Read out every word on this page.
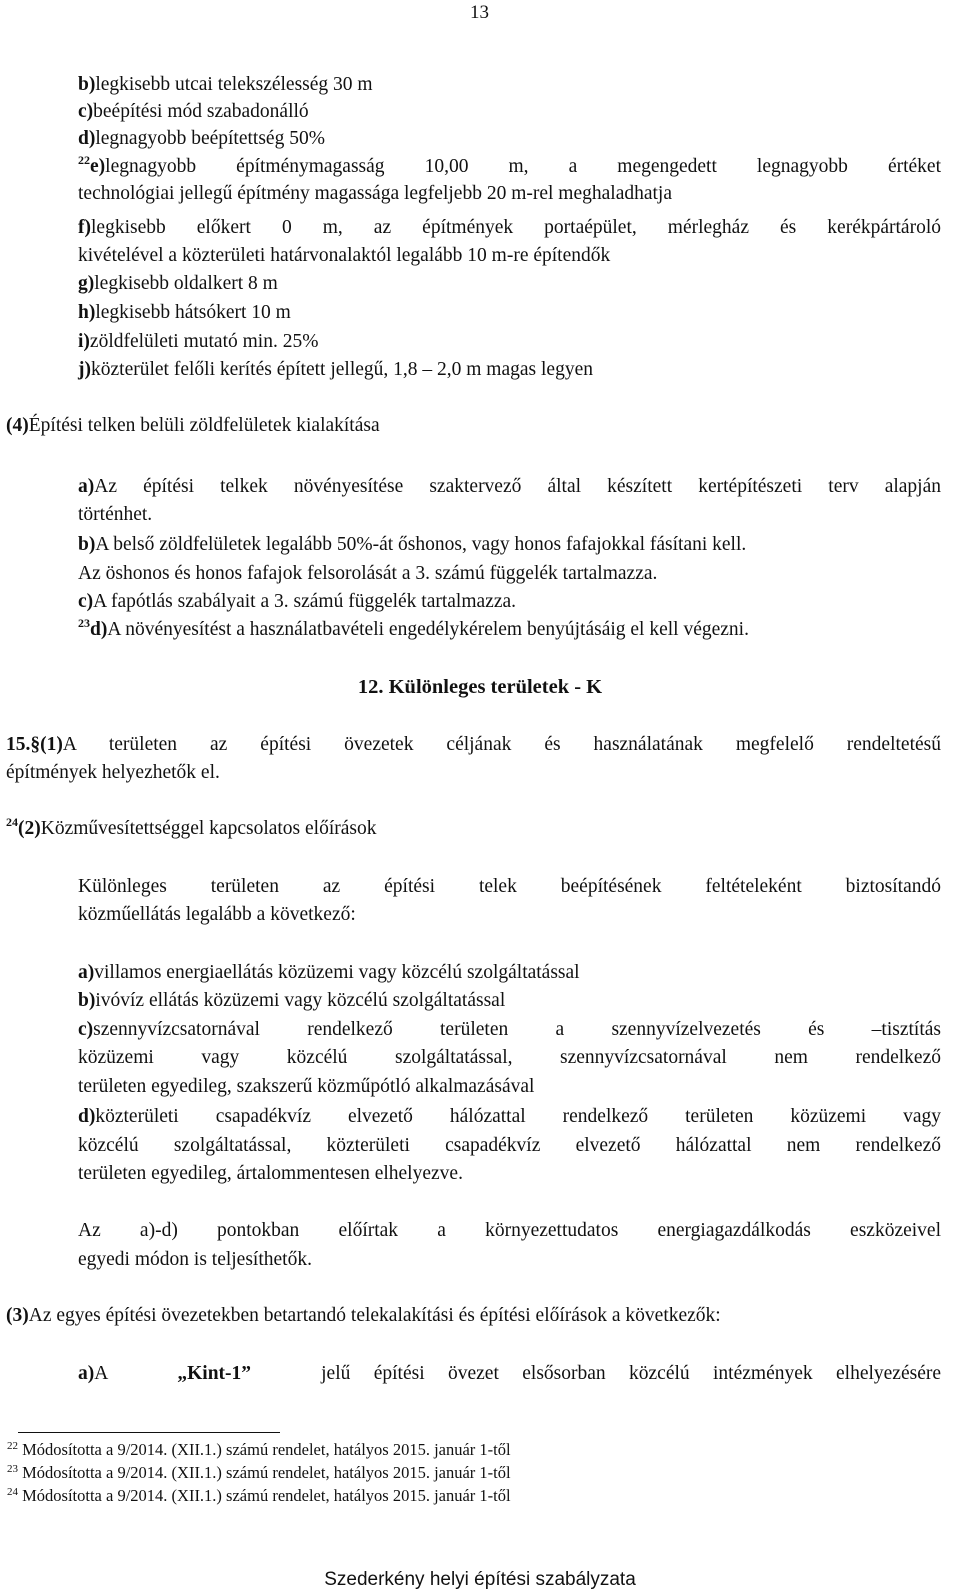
13
b)legkisebb utcai telekszélesség 30 m
c)beépítési mód szabadonálló
d)legnagyobb beépítettség 50%
$^{22}$e)legnagyobb építménymagasság 10,00 m, a megengedett legnagyobb értéket
technológiai jellegű építmény magassága legfeljebb 20 m-rel meghaladhatja
f)legkisebb előkert 0 m, az építmények portaépület, mérlegház és kerékpártároló
kivételével a közterületi határvonalaktól legalább 10 m-re építendők
g)legkisebb oldalkert 8 m
h)legkisebb hátsókert 10 m
i)zöldfelületi mutató min. 25%
j)közterület felőli kerítés épített jellegű, 1,8 – 2,0 m magas legyen
(4)Építési telken belüli zöldfelületek kialakítása
a)Az építési telkek növényesítése szaktervező által készített kertépítészeti terv alapján
történhet.
b)A belső zöldfelületek legalább 50%-át őshonos, vagy honos fafajokkal fásítani kell.
Az öshonos és honos fafajok felsorolását a 3. számú függelék tartalmazza.
c)A fapótlás szabályait a 3. számú függelék tartalmazza.
$^{23}$d)A növényesítést a használatbavételi engedélykérelem benyújtásáig el kell végezni.
12. Különleges területek - K
15.§(1)A területen az építési övezetek céljának és használatának megfelelő rendeltetésű
építmények helyezhetők el.
$^{24}$(2)Közművesítettséggel kapcsolatos előírások
Különleges területen az építési telek beépítésének feltételeként biztosítandó
közműellátás legalább a következő:
a)villamos energiaellátás közüzemi vagy közcélú szolgáltatással
b)ivóvíz ellátás közüzemi vagy közcélú szolgáltatással
c)szennyvízcsatornával rendelkező területen a szennyvízelvezetés és –tisztítás
közüzemi vagy közcélú szolgáltatással, szennyvízcsatornával nem rendelkező
területen egyedileg, szakszerű közműpótló alkalmazásával
d)közterületi csapadékvíz elvezető hálózattal rendelkező területen közüzemi vagy
közcélú szolgáltatással, közterületi csapadékvíz elvezető hálózattal nem rendelkező
területen egyedileg, ártalommentesen elhelyezve.
Az a)-d) pontokban előírtak a környezettudatos energiagazdálkodás eszközeivel
egyedi módon is teljesíthetők.
(3)Az egyes építési övezetekben betartandó telekalakítási és építési előírások a következők:
a)A   „Kint-1”	jelű építési övezet elsősorban közcélú intézmények elhelyezésére
$^{22}$ Módosította a 9/2014. (XII.1.) számú rendelet, hatályos 2015. január 1-től
$^{23}$ Módosította a 9/2014. (XII.1.) számú rendelet, hatályos 2015. január 1-től
$^{24}$ Módosította a 9/2014. (XII.1.) számú rendelet, hatályos 2015. január 1-től
Szederkény helyi építési szabályzata
